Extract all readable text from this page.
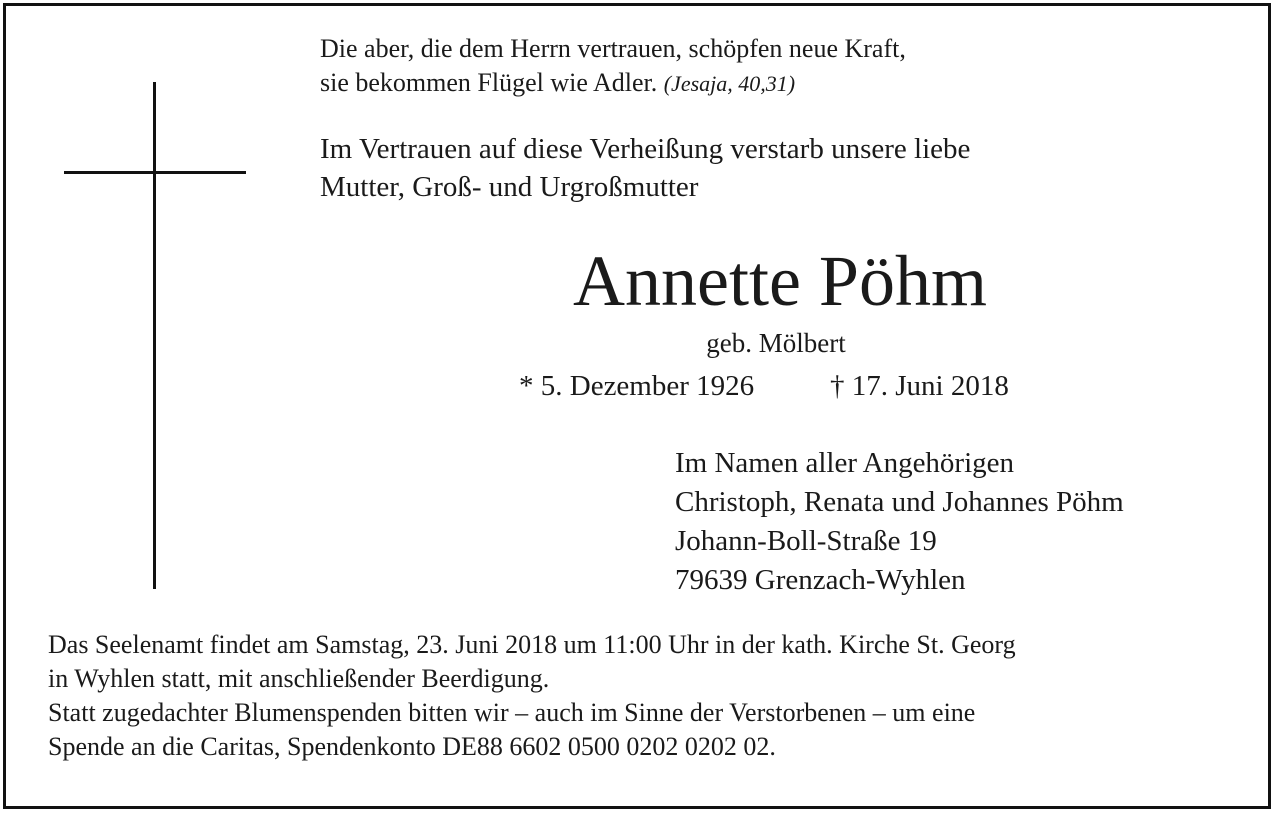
Die aber, die dem Herrn vertrauen, schöpfen neue Kraft,
sie bekommen Flügel wie Adler. (Jesaja, 40,31)
Im Vertrauen auf diese Verheißung verstarb unsere liebe
Mutter, Groß- und Urgroßmutter
Annette Pöhm
geb. Mölbert
* 5. Dezember 1926	† 17. Juni 2018
Im Namen aller Angehörigen
Christoph, Renata und Johannes Pöhm
Johann-Boll-Straße 19
79639 Grenzach-Wyhlen
Das Seelenamt findet am Samstag, 23. Juni 2018 um 11:00 Uhr in der kath. Kirche St. Georg
in Wyhlen statt, mit anschließender Beerdigung.
Statt zugedachter Blumenspenden bitten wir – auch im Sinne der Verstorbenen – um eine
Spende an die Caritas, Spendenkonto DE88 6602 0500 0202 0202 02.
